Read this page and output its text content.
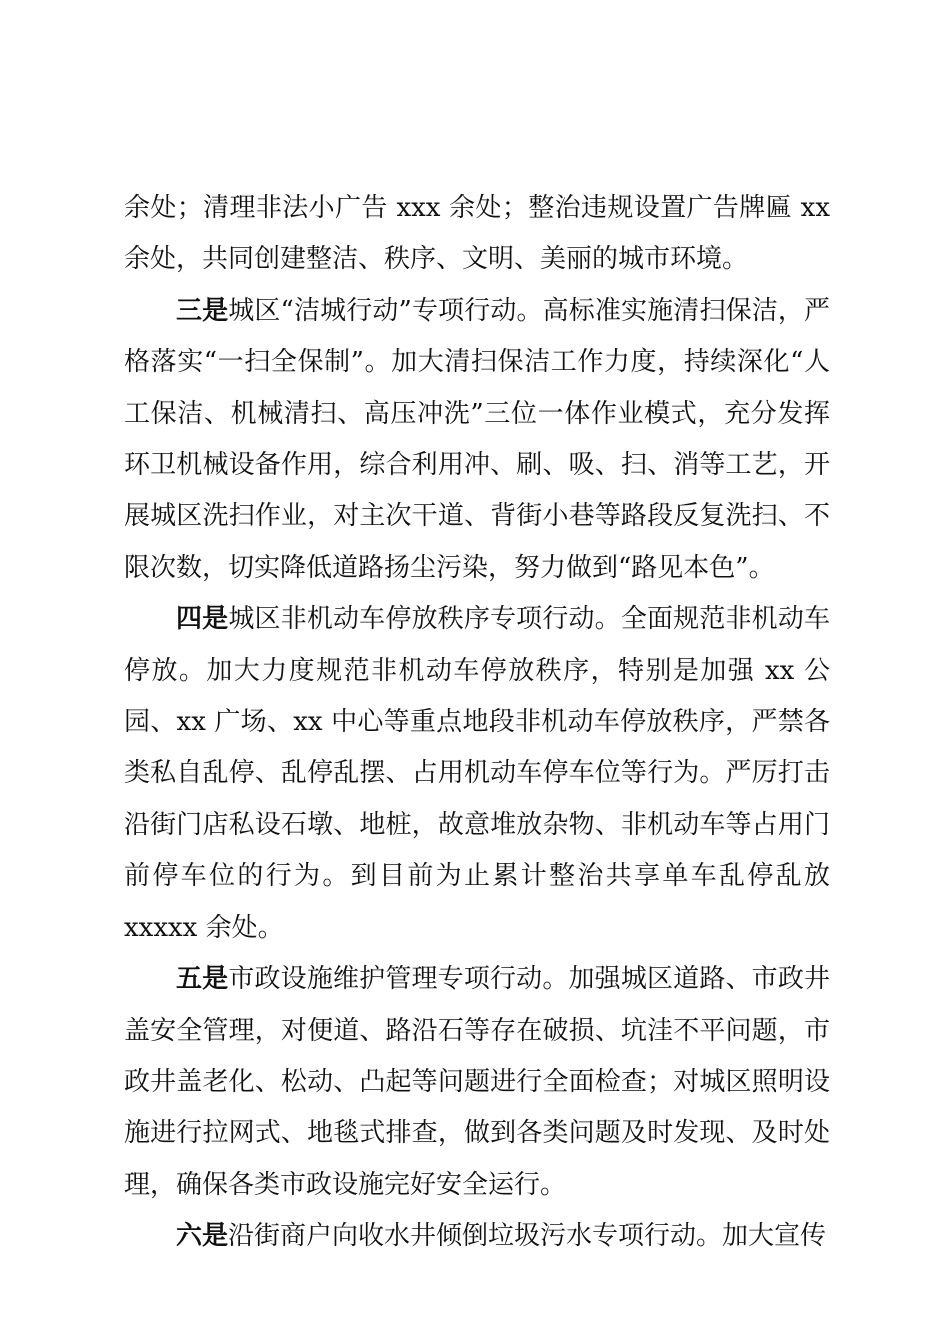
余处；清理非法小广告 xxx 余处；整治违规设置广告牌匾 xx 余处，共同创建整洁、秩序、文明、美丽的城市环境。

三是城区“洁城行动”专项行动。高标准实施清扫保洁，严格落实“一扫全保制”。加大清扫保洁工作力度，持续深化“人工保洁、机械清扫、高压冲洗”三位一体作业模式，充分发挥环卫机械设备作用，综合利用冲、刷、吸、扫、消等工艺，开展城区洗扫作业，对主次干道、背街小巷等路段反复洗扫、不限次数，切实降低道路扬尘污染，努力做到“路见本色”。

四是城区非机动车停放秩序专项行动。全面规范非机动车停放。加大力度规范非机动车停放秩序，特别是加强 xx 公园、xx 广场、xx 中心等重点地段非机动车停放秩序，严禁各类私自乱停、乱停乱摆、占用机动车停车位等行为。严厉打击沿街门店私设石墩、地桩，故意堆放杂物、非机动车等占用门前停车位的行为。到目前为止累计整治共享单车乱停乱放 xxxxx 余处。

五是市政设施维护管理专项行动。加强城区道路、市政井盖安全管理，对便道、路沿石等存在破损、坑洼不平问题，市政井盖老化、松动、凸起等问题进行全面检查；对城区照明设施进行拉网式、地毯式排查，做到各类问题及时发现、及时处理，确保各类市政设施完好安全运行。

六是沿街商户向收水井倾倒垃圾污水专项行动。加大宣传
